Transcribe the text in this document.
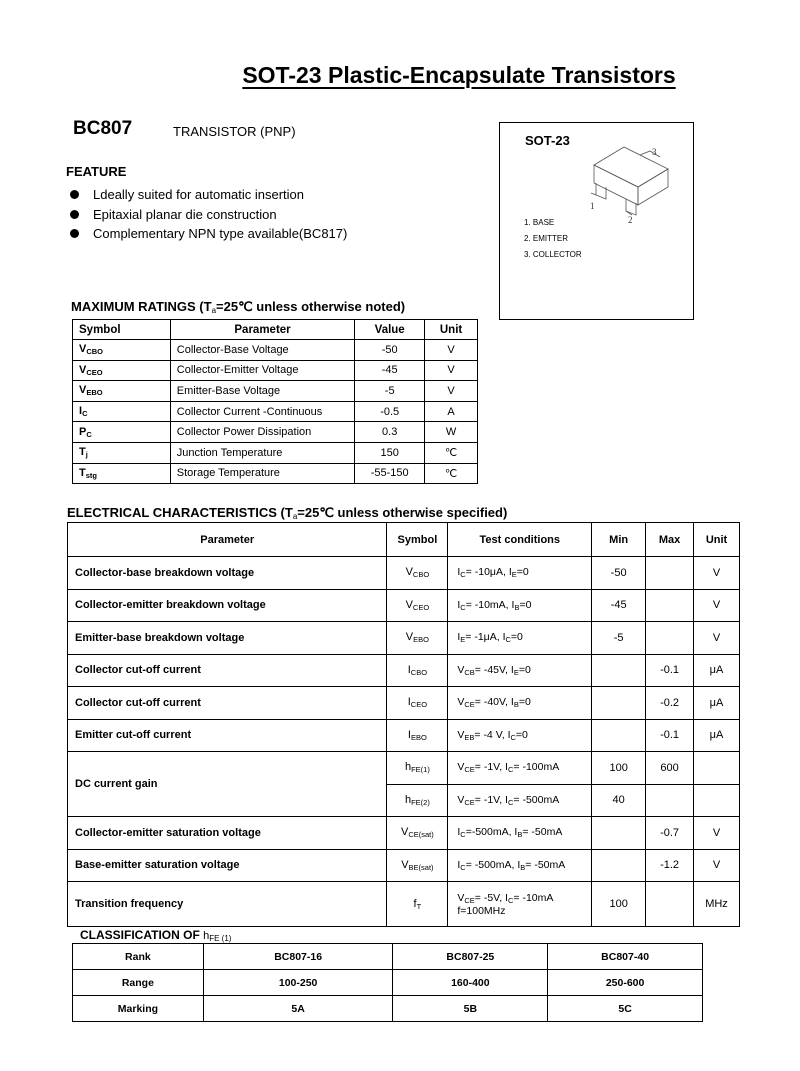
SOT-23 Plastic-Encapsulate Transistors
BC807	TRANSISTOR (PNP)
FEATURE
Ldeally suited for automatic insertion
Epitaxial planar die construction
Complementary NPN type available(BC817)
SOT-23
3
1
2
1. BASE
2. EMITTER
3. COLLECTOR
MAXIMUM RATINGS ($T_a=25℃$ unless otherwise noted)
Symbol	Parameter	Value	Unit
$V_{CBO}$	Collector-Base Voltage	-50	V
$V_{CEO}$	Collector-Emitter Voltage	-45	V
$V_{EBO}$	Emitter-Base Voltage	-5	V
$I_C$	Collector Current -Continuous	-0.5	A
$P_C$	Collector Power Dissipation	0.3	W
$T_j$	Junction Temperature	150	℃
$T_{stg}$	Storage Temperature	-55-150	℃
ELECTRICAL CHARACTERISTICS ($T_a=25℃$ unless otherwise specified)
Parameter	Symbol	Test conditions	Min	Max	Unit
Collector-base breakdown voltage	$V_{CBO}$	$I_C= -10\mu A$, $I_E=0$	-50		V
Collector-emitter breakdown voltage	$V_{CEO}$	$I_C= -10mA$, $I_B=0$	-45		V
Emitter-base breakdown voltage	$V_{EBO}$	$I_E= -1\mu A$, $I_C=0$	-5		V
Collector cut-off current	$I_{CBO}$	$V_{CB}= -45V$, $I_E=0$		-0.1	μA
Collector cut-off current	$I_{CEO}$	$V_{CE}= -40V$, $I_B=0$		-0.2	μA
Emitter cut-off current	$I_{EBO}$	$V_{EB}= -4$ V, $I_C=0$		-0.1	μA
DC current gain	$h_{FE(1)}$	$V_{CE}= -1V$, $I_C= -100mA$	100	600	
	$h_{FE(2)}$	$V_{CE}= -1V$, $I_C= -500mA$	40		
Collector-emitter saturation voltage	$V_{CE(sat)}$	$I_C=-500mA$, $I_B= -50mA$		-0.7	V
Base-emitter saturation voltage	$V_{BE(sat)}$	$I_C= -500mA$, $I_B= -50mA$		-1.2	V
Transition frequency	$f_T$	$V_{CE}= -5V$, $I_C= -10mA$
f=100MHz	100		MHz
CLASSIFICATION OF $h_{FE (1)}$
Rank	BC807-16	BC807-25	BC807-40
Range	100-250	160-400	250-600
Marking	5A	5B	5C
